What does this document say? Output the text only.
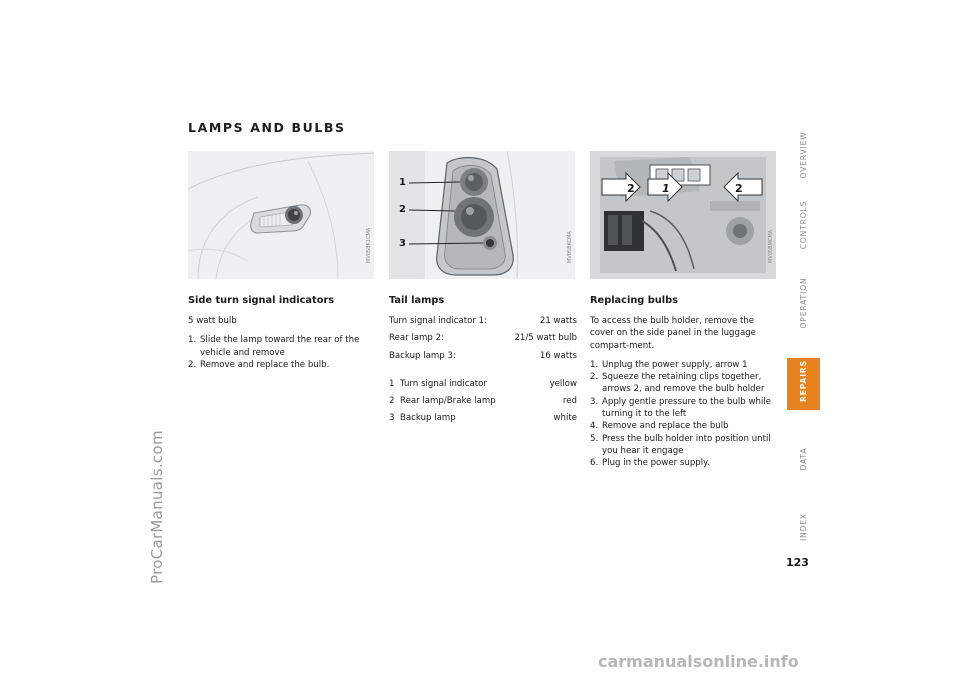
ProCarManuals.com
LAMPS AND BULBS
OVERVIEW
CONTROLS
OPERATION
REPAIRS
DATA
INDEX
MV05BK1CMA
1
2
3	MV05BKCMA
2 1	2
MV05BMCMA
Side turn signal indicators

5 watt bulb

1. Slide the lamp toward the rear of the vehicle and remove
2. Remove and replace the bulb.
Tail lamps
Turn signal indicator 1:	21 watts
Rear lamp 2:	21/5 watt bulb
Backup lamp 3:	16 watts
1 Turn signal indicator	yellow
2 Rear lamp/Brake lamp	red
3 Backup lamp	white
Replacing bulbs

To access the bulb holder, remove the cover on the side panel in the luggage compart-ment.

1. Unplug the power supply, arrow 1
2. Squeeze the retaining clips together, arrows 2, and remove the bulb holder
3. Apply gentle pressure to the bulb while turning it to the left
4. Remove and replace the bulb
5. Press the bulb holder into position until you hear it engage
6. Plug in the power supply.
123
carmanualsonline.info
